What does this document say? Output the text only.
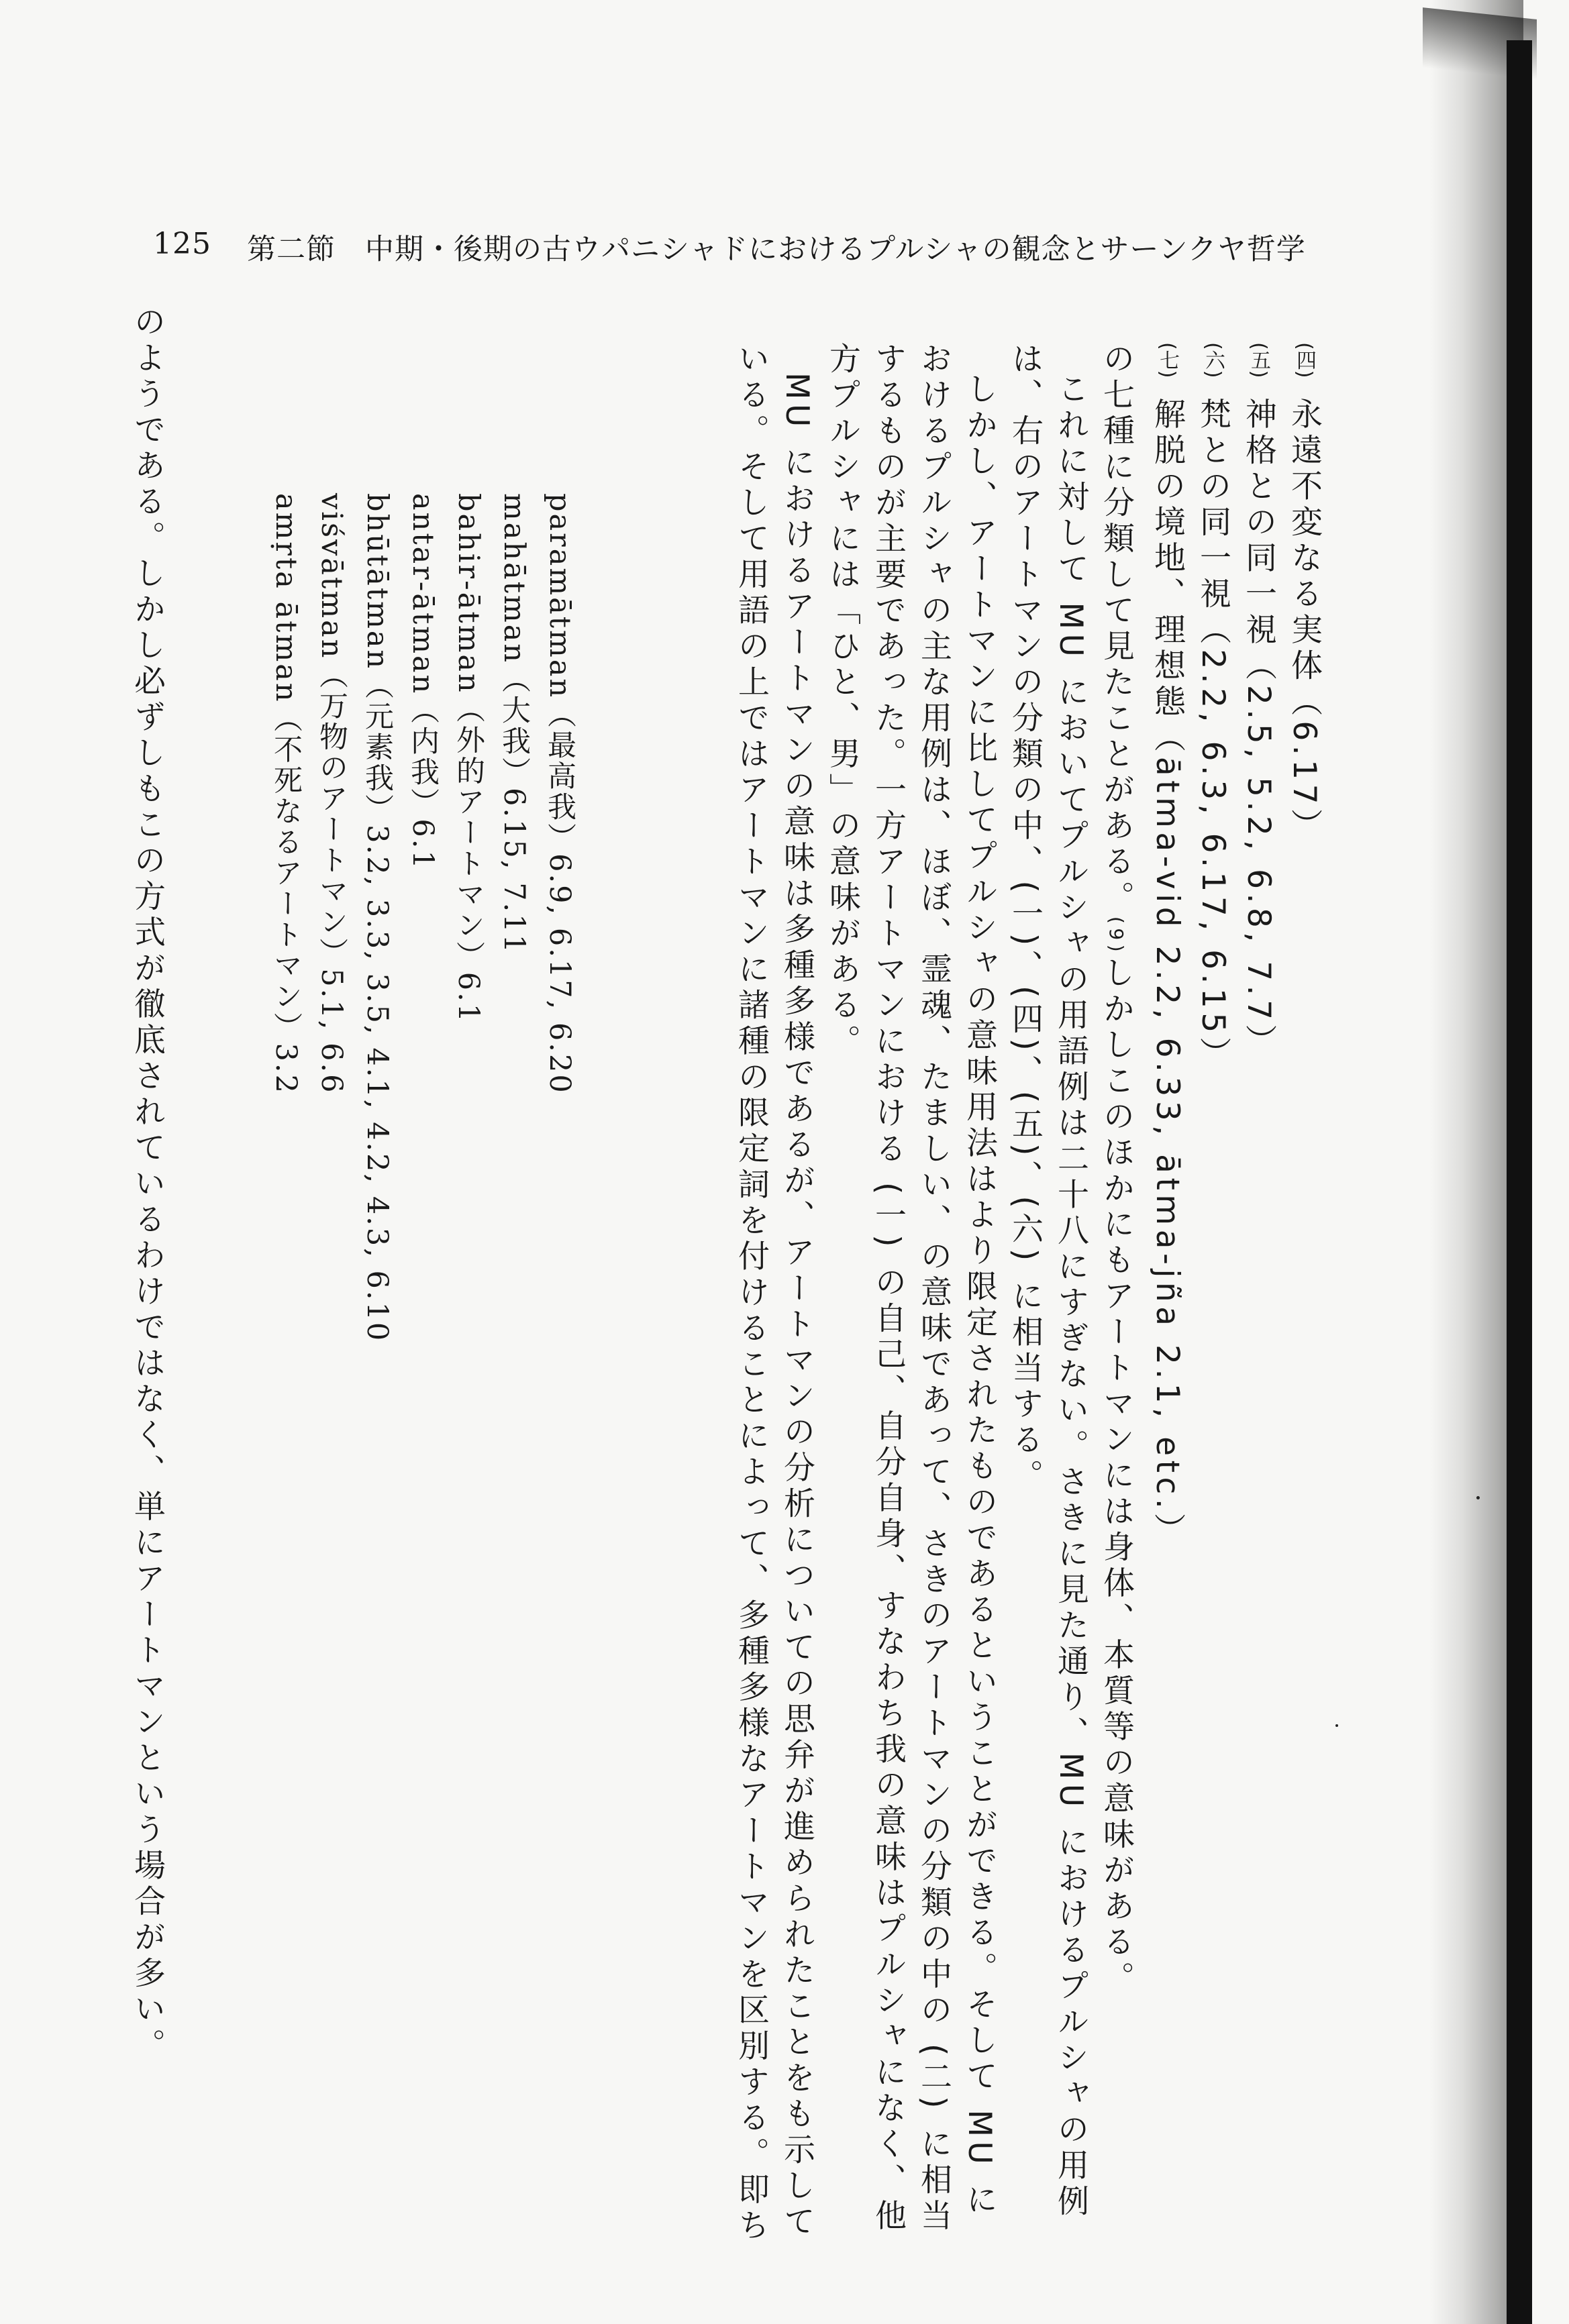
125 第二節　中期・後期の古ウパニシャドにおけるプルシャの観念とサーンクヤ哲学
(四) 永遠不変なる実体（6.17）
(五) 神格との同一視（2.5, 5.2, 6.8, 7.7）
(六) 梵との同一視（2.2, 6.3, 6.17, 6.15）
(七) 解脱の境地、理想態（ātma-vid 2.2, 6.33, ātma-jña 2.1, etc.）
の七種に分類して見たことがある。(9)しかしこのほかにもアートマンには身体、本質等の意味がある。
これに対して MU においてプルシャの用語例は二十八にすぎない。さきに見た通り、MU におけるプルシャの用例
は、右のアートマンの分類の中、(一)、(四)、(五)、(六) に相当する。
しかし、アートマンに比してプルシャの意味用法はより限定されたものであるということができる。そして MU に
おけるプルシャの主な用例は、ほぼ、霊魂、たましい、の意味であって、さきのアートマンの分類の中の (二) に相当
するものが主要であった。一方アートマンにおける (一) の自己、自分自身、すなわち我の意味はプルシャになく、他
方プルシャには「ひと、男」の意味がある。
MU におけるアートマンの意味は多種多様であるが、アートマンの分析についての思弁が進められたことをも示して
いる。そして用語の上ではアートマンに諸種の限定詞を付けることによって、多種多様なアートマンを区別する。即ち
paramātman（最高我）6.9, 6.17, 6.20
mahātman（大我）6.15, 7.11
bahir-ātman（外的アートマン）6.1
antar-ātman（内我）6.1
bhūtātman（元素我）3.2, 3.3, 3.5, 4.1, 4.2, 4.3, 6.10
viśvātman（万物のアートマン）5.1, 6.6
amṛta ātman（不死なるアートマン）3.2
のようである。しかし必ずしもこの方式が徹底されているわけではなく、単にアートマンという場合が多い。
